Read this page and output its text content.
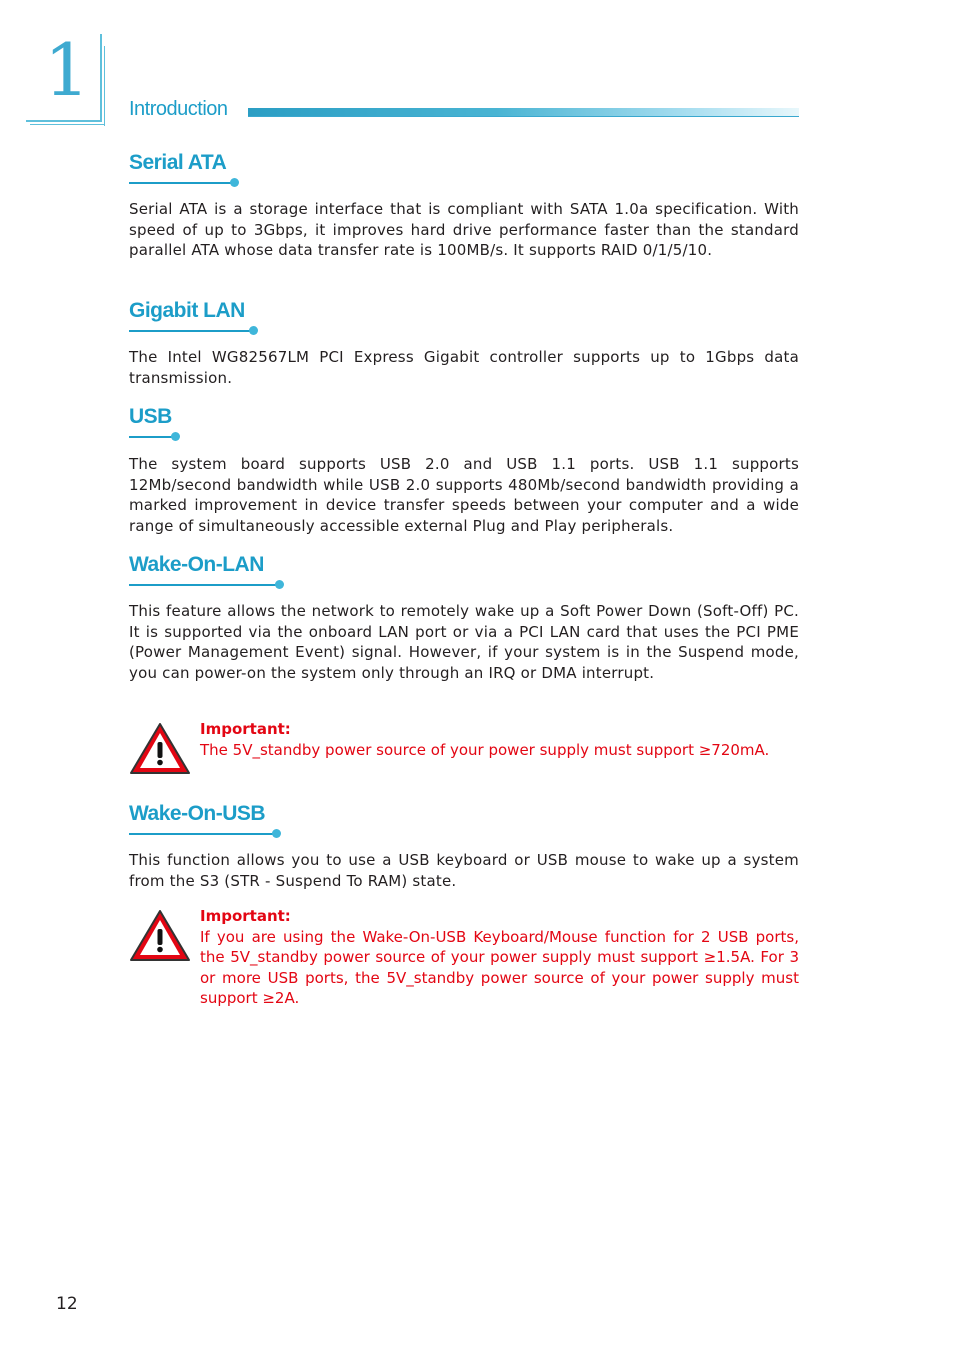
1 Introduction
Serial ATA

Serial ATA is a storage interface that is compliant with SATA 1.0a specification. With speed of up to 3Gbps, it improves hard drive performance faster than the standard parallel ATA whose data transfer rate is 100MB/s. It supports RAID 0/1/5/10.

Gigabit LAN

The Intel WG82567LM PCI Express Gigabit controller supports up to 1Gbps data transmission.

USB

The system board supports USB 2.0 and USB 1.1 ports. USB 1.1 supports 12Mb/second bandwidth while USB 2.0 supports 480Mb/second bandwidth providing a marked improvement in device transfer speeds between your computer and a wide range of simultaneously accessible external Plug and Play peripherals.

Wake-On-LAN

This feature allows the network to remotely wake up a Soft Power Down (Soft-Off) PC. It is supported via the onboard LAN port or via a PCI LAN card that uses the PCI PME (Power Management Event) signal. However, if your system is in the Suspend mode, you can power-on the system only through an IRQ or DMA interrupt.

Important:
The 5V_standby power source of your power supply must support ≥720mA.
Wake-On-USB

This function allows you to use a USB keyboard or USB mouse to wake up a system from the S3 (STR - Suspend To RAM) state.

Important:
If you are using the Wake-On-USB Keyboard/Mouse function for 2 USB ports, the 5V_standby power source of your power supply must support ≥1.5A. For 3 or more USB ports, the 5V_standby power source of your power supply must support ≥2A.
12
